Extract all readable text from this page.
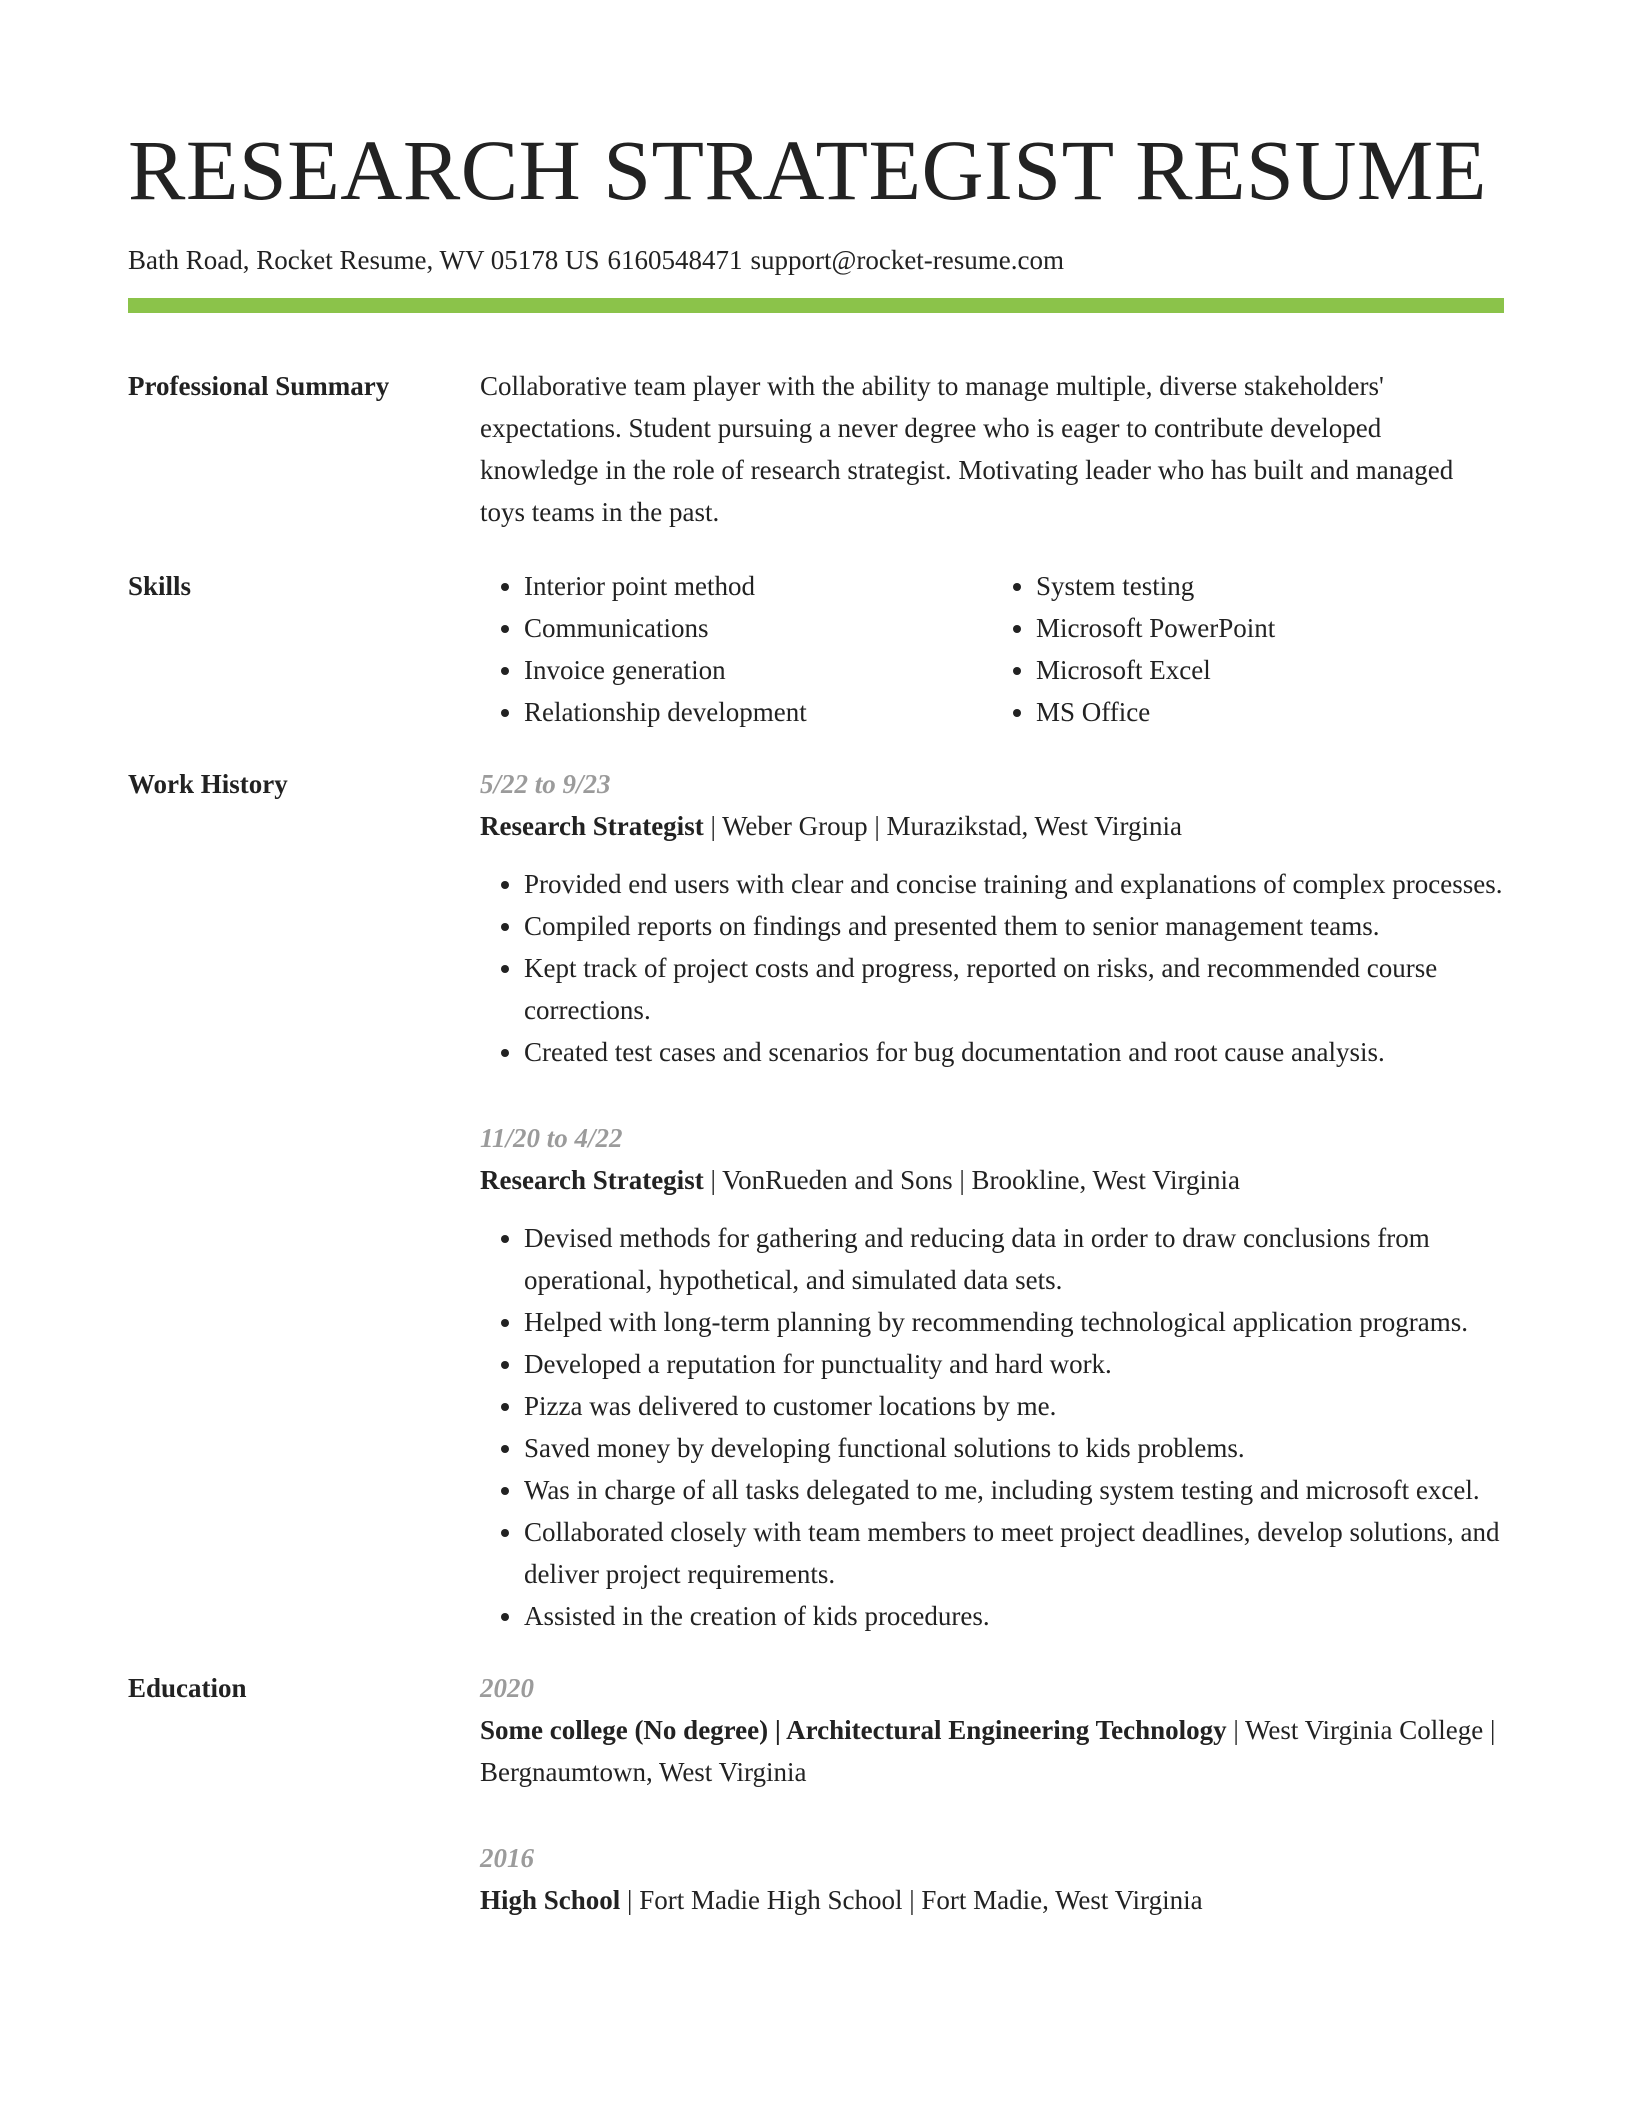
RESEARCH STRATEGIST RESUME
Bath Road, Rocket Resume, WV 05178 US 6160548471 support@rocket-resume.com
Professional Summary	Collaborative team player with the ability to manage multiple, diverse stakeholders' expectations. Student pursuing a never degree who is eager to contribute developed knowledge in the role of research strategist. Motivating leader who has built and managed toys teams in the past.

Skills
•	Interior point method
• Communications
• Invoice generation
• Relationship development
• System testing
• Microsoft PowerPoint
• Microsoft Excel
• MS Office
Work History	5/22 to 9/23
Research Strategist | Weber Group | Murazikstad, West Virginia
• Provided end users with clear and concise training and explanations of complex processes.
• Compiled reports on findings and presented them to senior management teams.
• Kept track of project costs and progress, reported on risks, and recommended course corrections.
• Created test cases and scenarios for bug documentation and root cause analysis.
11/20 to 4/22
Research Strategist | VonRueden and Sons | Brookline, West Virginia
• Devised methods for gathering and reducing data in order to draw conclusions from operational, hypothetical, and simulated data sets.
• Helped with long-term planning by recommending technological application programs.
• Developed a reputation for punctuality and hard work.
• Pizza was delivered to customer locations by me.
• Saved money by developing functional solutions to kids problems.
• Was in charge of all tasks delegated to me, including system testing and microsoft excel.
• Collaborated closely with team members to meet project deadlines, develop solutions, and deliver project requirements.
• Assisted in the creation of kids procedures.
Education	2020
Some college (No degree) | Architectural Engineering Technology | West Virginia College | Bergnaumtown, West Virginia
2016
High School | Fort Madie High School | Fort Madie, West Virginia
